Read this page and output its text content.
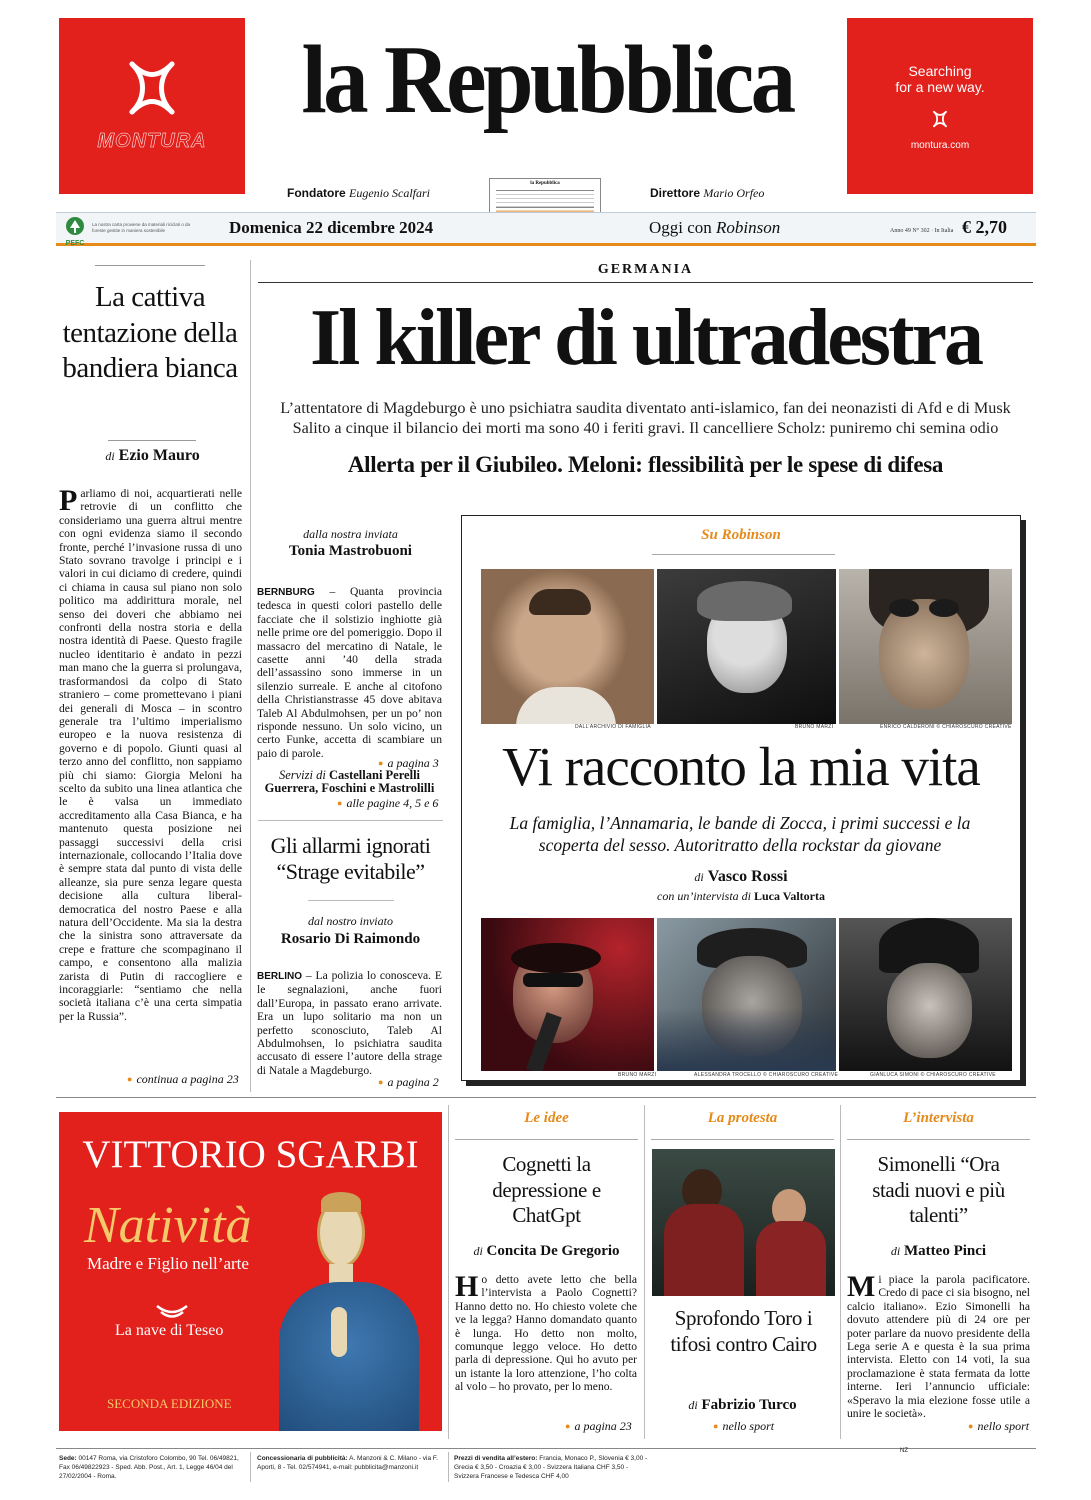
MONTURA
la Repubblica	Searching
for a new way.
montura.com
Fondatore Eugenio Scalfari	Direttore Mario Orfeo
la Repubblica
PEFC
La nostra carta proviene da materiali riciclati o da foreste gestite in maniera sostenibile	Domenica 22 dicembre 2024	Oggi con Robinson	Anno 49 N° 302 · In Italia € 2,70
La cattiva tentazione della bandiera bianca
di Ezio Mauro
Parliamo di noi, acquartierati nelle retrovie di un conflitto che consideriamo una guerra altrui mentre con ogni evidenza siamo il secondo fronte, perché l’invasione russa di uno Stato sovrano travolge i principi e i valori in cui diciamo di credere, quindi ci chiama in causa sul piano non solo politico ma addirittura morale, nel senso dei doveri che abbiamo nei confronti della nostra storia e della nostra identità di Paese. Questo fragile nucleo identitario è andato in pezzi man mano che la guerra si prolungava, trasformandosi da colpo di Stato straniero – come promettevano i piani dei generali di Mosca – in scontro generale tra l’ultimo imperialismo europeo e la nuova resistenza di governo e di popolo. Giunti quasi al terzo anno del conflitto, non sappiamo più chi siamo: Giorgia Meloni ha scelto da subito una linea atlantica che le è valsa un immediato accreditamento alla Casa Bianca, e ha mantenuto questa posizione nei passaggi successivi della crisi internazionale, collocando l’Italia dove è sempre stata dal punto di vista delle alleanze, sia pure senza legare questa decisione alla cultura liberal-democratica del nostro Paese e alla natura dell’Occidente. Ma sia la destra che la sinistra sono attraversate da crepe e fratture che scompaginano il campo, e consentono alla malizia zarista di Putin di raccogliere e incoraggiarle: “sentiamo che nella società italiana c’è una certa simpatia per la Russia”.
● continua a pagina 23
GERMANIA
Il killer di ultradestra
L’attentatore di Magdeburgo è uno psichiatra saudita diventato anti-islamico, fan dei neonazisti di Afd e di Musk
Salito a cinque il bilancio dei morti ma sono 40 i feriti gravi. Il cancelliere Scholz: puniremo chi semina odio
Allerta per il Giubileo. Meloni: flessibilità per le spese di difesa
dalla nostra inviata
Tonia Mastrobuoni
BERNBURG – Quanta provincia tedesca in questi colori pastello delle facciate che il solstizio inghiotte già nelle prime ore del pomeriggio. Dopo il massacro del mercatino di Natale, le casette anni ’40 della strada dell’assassino sono immerse in un silenzio surreale. E anche al citofono della Christianstrasse 45 dove abitava Taleb Al Abdulmohsen, per un po’ non risponde nessuno. Un solo vicino, un certo Funke, accetta di scambiare un paio di parole.
● a pagina 3
Servizi di Castellani Perelli Guerrera, Foschini e Mastrolilli
● alle pagine 4, 5 e 6
Gli allarmi ignorati “Strage evitabile”
dal nostro inviato
Rosario Di Raimondo
BERLINO – La polizia lo conosceva. E le segnalazioni, anche fuori dall’Europa, in passato erano arrivate. Era un lupo solitario ma non un perfetto sconosciuto, Taleb Al Abdulmohsen, lo psichiatra saudita accusato di essere l’autore della strage di Natale a Magdeburgo.
● a pagina 2
Su Robinson
DALL’ARCHIVIO DI FAMIGLIA	BRUNO MARZI	ENRICO CALDERONI © CHIAROSCURO CREATIVE
Vi racconto la mia vita
La famiglia, l’Annamaria, le bande di Zocca, i primi successi e la scoperta del sesso. Autoritratto della rockstar da giovane
di Vasco Rossi
con un’intervista di Luca Valtorta
BRUNO MARZI	ALESSANDRA TROCELLO © CHIAROSCURO CREATIVE	GIANLUCA SIMONI © CHIAROSCURO CREATIVE
VITTORIO SGARBI
Natività
Madre e Figlio nell’arte
La nave di Teseo
SECONDA EDIZIONE
Le idee
Cognetti la depressione e ChatGpt
di Concita De Gregorio
Ho detto avete letto che bella l’intervista a Paolo Cognetti? Hanno detto no. Ho chiesto volete che ve la legga? Hanno domandato quanto è lunga. Ho detto non molto, comunque leggo veloce. Ho detto parla di depressione. Qui ho avuto per un istante la loro attenzione, l’ho colta al volo – ho provato, per lo meno.
● a pagina 23
La protesta
Sprofondo Toro i tifosi contro Cairo
di Fabrizio Turco
● nello sport
L’intervista
Simonelli “Ora stadi nuovi e più talenti”
di Matteo Pinci
Mi piace la parola pacificatore. Credo di pace ci sia bisogno, nel calcio italiano». Ezio Simonelli ha dovuto attendere più di 24 ore per poter parlare da nuovo presidente della Lega serie A e questa è la sua prima intervista. Eletto con 14 voti, la sua proclamazione è stata fermata da lotte interne. Ieri l’annuncio ufficiale: «Speravo la mia elezione fosse utile a unire le società».
● nello sport
Sede: 00147 Roma, via Cristoforo Colombo, 90 Tel. 06/49821, Fax 06/49822923 - Sped. Abb. Post., Art. 1, Legge 46/04 del 27/02/2004 - Roma.
Concessionaria di pubblicità: A. Manzoni & C. Milano - via F. Aporti, 8 - Tel. 02/574941, e-mail: pubblicita@manzoni.it
Prezzi di vendita all’estero: Francia, Monaco P., Slovenia € 3,00 - Grecia € 3,50 - Croazia € 3,00 - Svizzera Italiana CHF 3,50 - Svizzera Francese e Tedesca CHF 4,00
NZ
